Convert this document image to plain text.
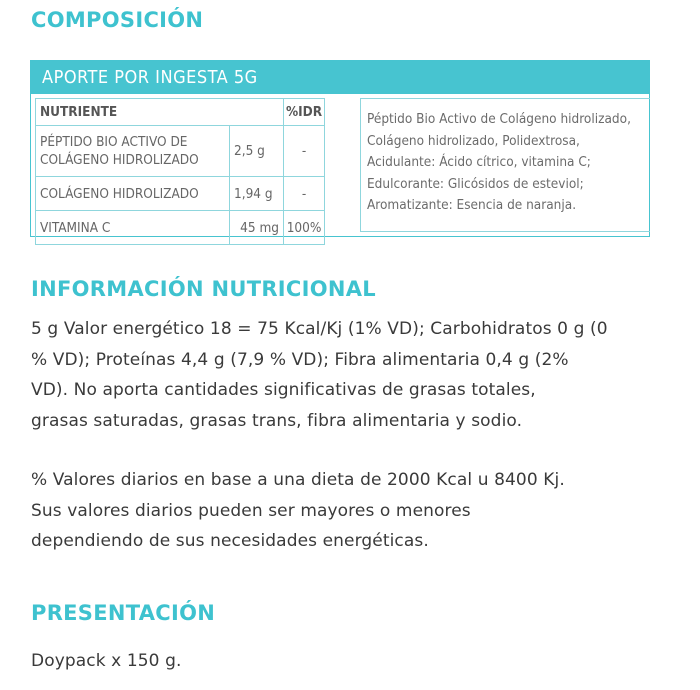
COMPOSICIÓN
APORTE POR INGESTA 5G
NUTRIENTE		%IDR
PÉPTIDO BIO ACTIVO DE
COLÁGENO HIDROLIZADO	2,5 g	-
COLÁGENO HIDROLIZADO	1,94 g	-
VITAMINA C	45 mg	100%

Péptido Bio Activo de Colágeno hidrolizado,

Colágeno hidrolizado, Polidextrosa,

Acidulante: Ácido cítrico, vitamina C;

Edulcorante: Glicósidos de esteviol;

Aromatizante: Esencia de naranja.

INFORMACIÓN NUTRICIONAL
5 g Valor energético 18 = 75 Kcal/Kj (1% VD); Carbohidratos 0 g (0
% VD); Proteínas 4,4 g (7,9 % VD); Fibra alimentaria 0,4 g (2%
VD). No aporta cantidades significativas de grasas totales,
grasas saturadas, grasas trans, fibra alimentaria y sodio.
% Valores diarios en base a una dieta de 2000 Kcal u 8400 Kj.
Sus valores diarios pueden ser mayores o menores
dependiendo de sus necesidades energéticas.
PRESENTACIÓN
Doypack x 150 g.
